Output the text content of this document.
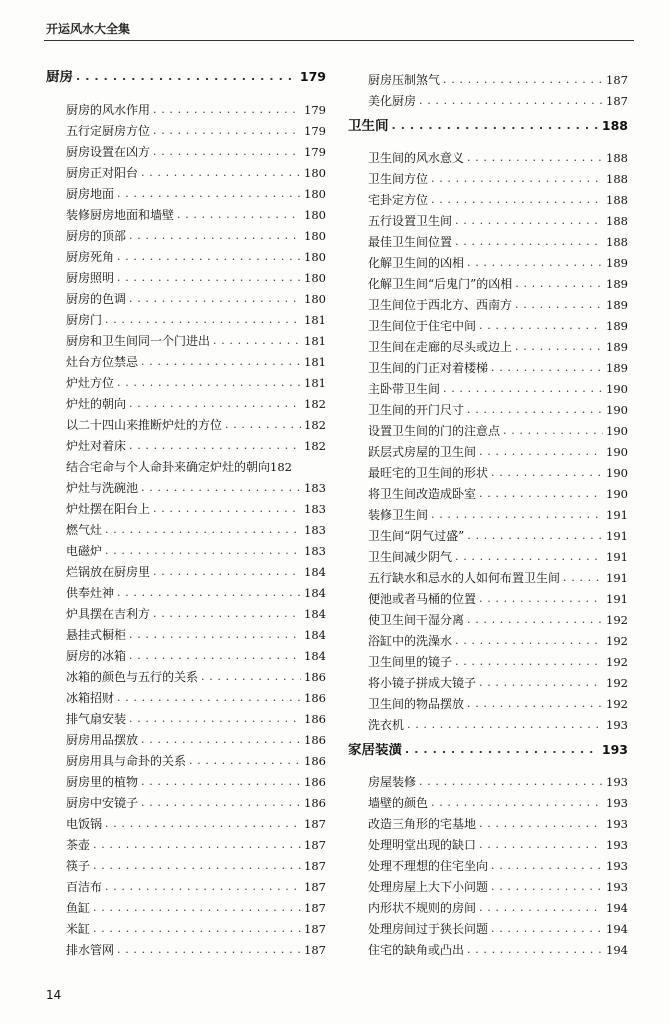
开运风水大全集
厨房 . . .	179
厨房的风水作用 . . .	179
五行定厨房方位 . . .	179
厨房设置在凶方 . . .	179
厨房正对阳台 . . .	180
厨房地面 . . .	180
装修厨房地面和墙壁 . . .	180
厨房的顶部 . . .	180
厨房死角 . . .	180
厨房照明 . . .	180
厨房的色调 . . .	180
厨房门 . . .	181
厨房和卫生间同一个门进出 . . .	181
灶台方位禁忌 . . .	181
炉灶方位 . . .	181
炉灶的朝向 . . .	182
以二十四山来推断炉灶的方位 . . .	182
炉灶对着床 . . .	182
结合宅命与个人命卦来确定炉灶的朝向 182
炉灶与洗碗池 . . .	183
炉灶摆在阳台上 . . .	183
燃气灶 . . .	183
电磁炉 . . .	183
烂锅放在厨房里 . . .	184
供奉灶神 . . .	184
炉具摆在吉利方 . . .	184
悬挂式橱柜 . . .	184
厨房的冰箱 . . .	184
冰箱的颜色与五行的关系 . . .	186
冰箱招财 . . .	186
排气扇安装 . . .	186
厨房用品摆放 . . .	186
厨房用具与命卦的关系 . . .	186
厨房里的植物 . . .	186
厨房中安镜子 . . .	186
电饭锅 . . .	187
茶壶 . . .	187
筷子 . . .	187
百洁布 . . .	187
鱼缸 . . .	187
米缸 . . .	187
排水管网 . . .	187
厨房压制煞气 . . .	187
美化厨房 . . .	187
卫生间 . . .	188
卫生间的风水意义 . . .	188
卫生间方位 . . .	188
宅卦定方位 . . .	188
五行设置卫生间 . . .	188
最佳卫生间位置 . . .	188
化解卫生间的凶相 . . .	189
化解卫生间“后鬼门”的凶相 . . .	189
卫生间位于西北方、西南方 . . .	189
卫生间位于住宅中间 . . .	189
卫生间在走廊的尽头或边上 . . .	189
卫生间的门正对着楼梯 . . .	189
主卧带卫生间 . . .	190
卫生间的开门尺寸 . . .	190
设置卫生间的门的注意点 . . .	190
跃层式房屋的卫生间 . . .	190
最旺宅的卫生间的形状 . . .	190
将卫生间改造成卧室 . . .	190
装修卫生间 . . .	191
卫生间“阴气过盛” . . .	191
卫生间减少阴气 . . .	191
五行缺水和忌水的人如何布置卫生间 . . .	191
便池或者马桶的位置 . . .	191
使卫生间干湿分离 . . .	192
浴缸中的洗澡水 . . .	192
卫生间里的镜子 . . .	192
将小镜子拼成大镜子 . . .	192
卫生间的物品摆放 . . .	192
洗衣机 . . .	193
家居装潢 . . .	193
房屋装修 . . .	193
墙壁的颜色 . . .	193
改造三角形的宅基地 . . .	193
处理明堂出现的缺口 . . .	193
处理不理想的住宅坐向 . . .	193
处理房屋上大下小问题 . . .	193
内形状不规则的房间 . . .	194
处理房间过于狭长问题 . . .	194
住宅的缺角或凸出 . . .	194
14
